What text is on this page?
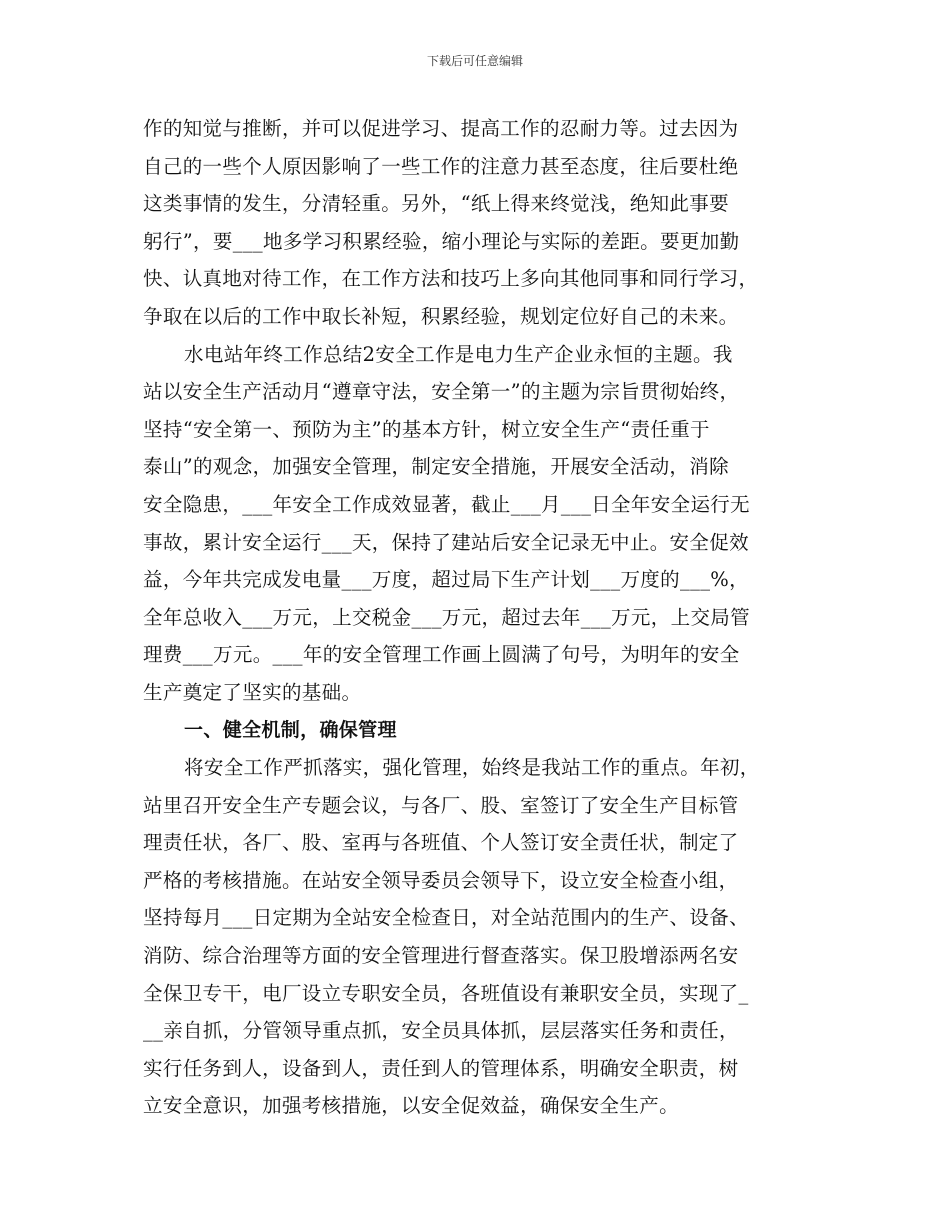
下载后可任意编辑
作的知觉与推断，并可以促进学习、提高工作的忍耐力等。过去因为
自己的一些个人原因影响了一些工作的注意力甚至态度，往后要杜绝
这类事情的发生，分清轻重。另外，“纸上得来终觉浅，绝知此事要
躬行”，要___地多学习积累经验，缩小理论与实际的差距。要更加勤
快、认真地对待工作，在工作方法和技巧上多向其他同事和同行学习，
争取在以后的工作中取长补短，积累经验，规划定位好自己的未来。
水电站年终工作总结2安全工作是电力生产企业永恒的主题。我
站以安全生产活动月“遵章守法，安全第一”的主题为宗旨贯彻始终，
坚持“安全第一、预防为主”的基本方针，树立安全生产“责任重于
泰山”的观念，加强安全管理，制定安全措施，开展安全活动，消除
安全隐患，___年安全工作成效显著，截止___月___日全年安全运行无
事故，累计安全运行___天，保持了建站后安全记录无中止。安全促效
益，今年共完成发电量___万度，超过局下生产计划___万度的___%，
全年总收入___万元，上交税金___万元，超过去年___万元，上交局管
理费___万元。___年的安全管理工作画上圆满了句号，为明年的安全
生产奠定了坚实的基础。
一、健全机制，确保管理
将安全工作严抓落实，强化管理，始终是我站工作的重点。年初，
站里召开安全生产专题会议，与各厂、股、室签订了安全生产目标管
理责任状，各厂、股、室再与各班值、个人签订安全责任状，制定了
严格的考核措施。在站安全领导委员会领导下，设立安全检查小组，
坚持每月___日定期为全站安全检查日，对全站范围内的生产、设备、
消防、综合治理等方面的安全管理进行督查落实。保卫股增添两名安
全保卫专干，电厂设立专职安全员，各班值设有兼职安全员，实现了_
__亲自抓，分管领导重点抓，安全员具体抓，层层落实任务和责任，
实行任务到人，设备到人，责任到人的管理体系，明确安全职责，树
立安全意识，加强考核措施，以安全促效益，确保安全生产。
